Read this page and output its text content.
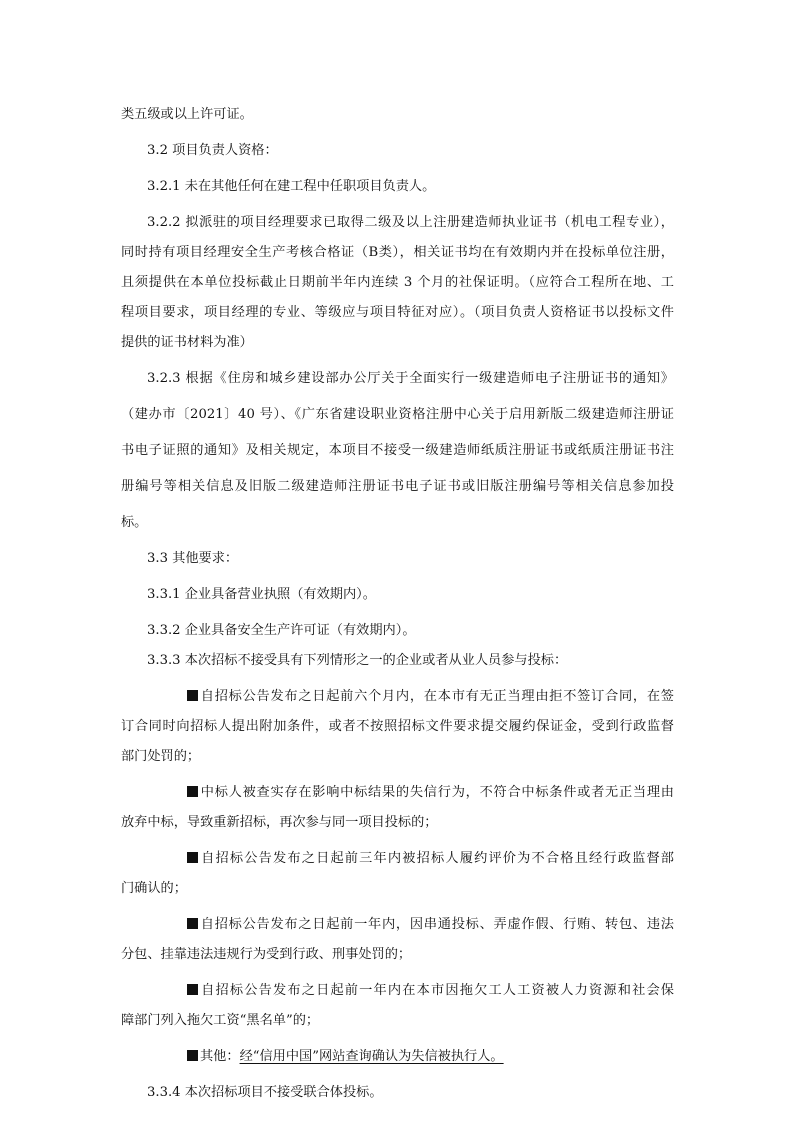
类五级或以上许可证。
3.2 项目负责人资格：
3.2.1 未在其他任何在建工程中任职项目负责人。
3.2.2 拟派驻的项目经理要求已取得二级及以上注册建造师执业证书（机电工程专业），
同时持有项目经理安全生产考核合格证（B类），相关证书均在有效期内并在投标单位注册，
且须提供在本单位投标截止日期前半年内连续 3 个月的社保证明。（应符合工程所在地、工
程项目要求，项目经理的专业、等级应与项目特征对应）。（项目负责人资格证书以投标文件
提供的证书材料为准）
3.2.3 根据《住房和城乡建设部办公厅关于全面实行一级建造师电子注册证书的通知》
（建办市〔2021〕40 号）、《广东省建设职业资格注册中心关于启用新版二级建造师注册证
书电子证照的通知》及相关规定，本项目不接受一级建造师纸质注册证书或纸质注册证书注
册编号等相关信息及旧版二级建造师注册证书电子证书或旧版注册编号等相关信息参加投
标。
3.3 其他要求：
3.3.1 企业具备营业执照（有效期内）。
3.3.2 企业具备安全生产许可证（有效期内）。
3.3.3 本次招标不接受具有下列情形之一的企业或者从业人员参与投标：
自招标公告发布之日起前六个月内，在本市有无正当理由拒不签订合同，在签
订合同时向招标人提出附加条件，或者不按照招标文件要求提交履约保证金，受到行政监督
部门处罚的；
中标人被查实存在影响中标结果的失信行为，不符合中标条件或者无正当理由
放弃中标，导致重新招标，再次参与同一项目投标的；
自招标公告发布之日起前三年内被招标人履约评价为不合格且经行政监督部
门确认的；
自招标公告发布之日起前一年内，因串通投标、弄虚作假、行贿、转包、违法
分包、挂靠违法违规行为受到行政、刑事处罚的；
自招标公告发布之日起前一年内在本市因拖欠工人工资被人力资源和社会保
障部门列入拖欠工资“黑名单”的；
其他：经“信用中国”网站查询确认为失信被执行人。
3.3.4 本次招标项目不接受联合体投标。
